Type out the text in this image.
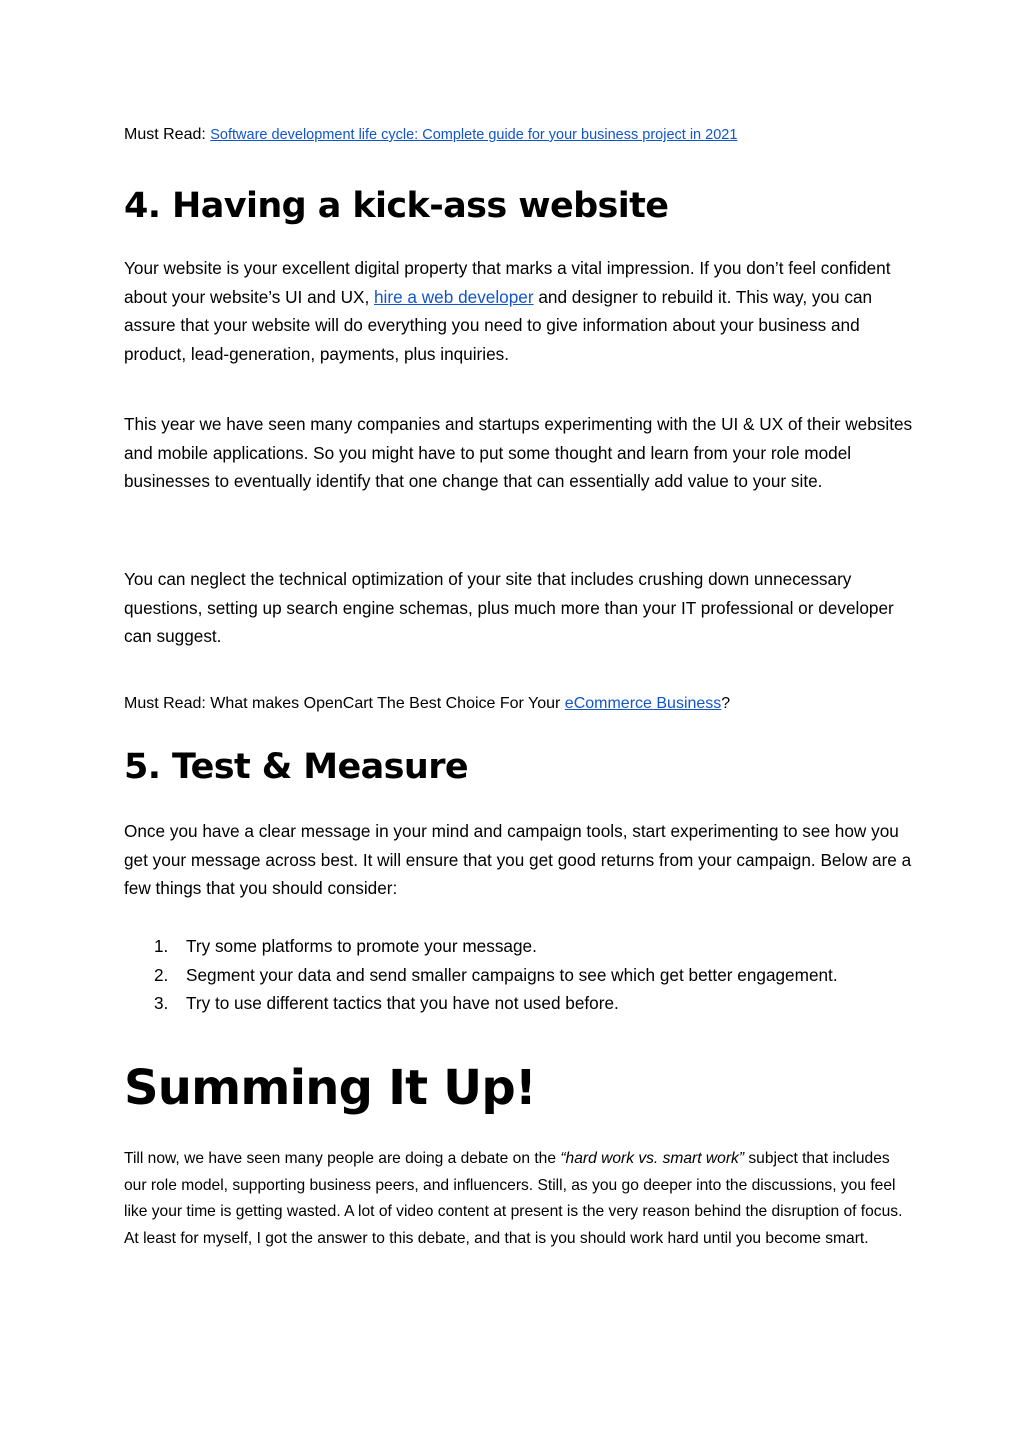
Must Read: Software development life cycle: Complete guide for your business project in 2021
4. Having a kick-ass website

Your website is your excellent digital property that marks a vital impression. If you don’t feel confident about your website’s UI and UX, hire a web developer and designer to rebuild it. This way, you can assure that your website will do everything you need to give information about your business and product, lead-generation, payments, plus inquiries.

This year we have seen many companies and startups experimenting with the UI & UX of their websites and mobile applications. So you might have to put some thought and learn from your role model businesses to eventually identify that one change that can essentially add value to your site.

You can neglect the technical optimization of your site that includes crushing down unnecessary questions, setting up search engine schemas, plus much more than your IT professional or developer can suggest.

Must Read: What makes OpenCart The Best Choice For Your eCommerce Business?
5. Test & Measure

Once you have a clear message in your mind and campaign tools, start experimenting to see how you get your message across best. It will ensure that you get good returns from your campaign. Below are a few things that you should consider:

1. Try some platforms to promote your message.
2. Segment your data and send smaller campaigns to see which get better engagement.
3. Try to use different tactics that you have not used before.
Summing It Up!

Till now, we have seen many people are doing a debate on the “hard work vs. smart work” subject that includes our role model, supporting business peers, and influencers. Still, as you go deeper into the discussions, you feel like your time is getting wasted. A lot of video content at present is the very reason behind the disruption of focus. At least for myself, I got the answer to this debate, and that is you should work hard until you become smart.
